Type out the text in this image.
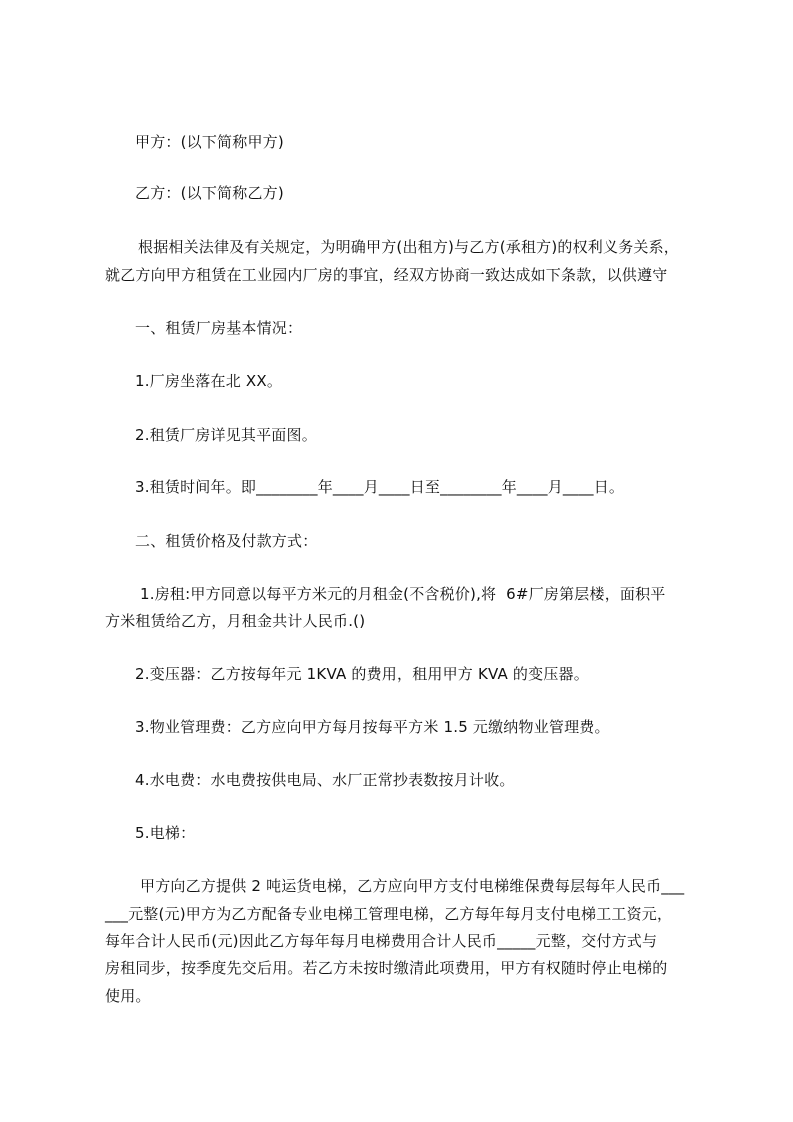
甲方：(以下简称甲方)
乙方：(以下简称乙方)
根据相关法律及有关规定，为明确甲方(出租方)与乙方(承租方)的权利义务关系，
就乙方向甲方租赁在工业园内厂房的事宜，经双方协商一致达成如下条款，以供遵守
一、租赁厂房基本情况：
1.厂房坐落在北 XX。
2.租赁厂房详见其平面图。
3.租赁时间年。即________年____月____日至________年____月____日。
二、租赁价格及付款方式：
1.房租:甲方同意以每平方米元的月租金(不含税价),将  6#厂房第层楼，面积平
方米租赁给乙方，月租金共计人民币.()
2.变压器：乙方按每年元 1KVA 的费用，租用甲方 KVA 的变压器。
3.物业管理费：乙方应向甲方每月按每平方米 1.5 元缴纳物业管理费。
4.水电费：水电费按供电局、水厂正常抄表数按月计收。
5.电梯：
甲方向乙方提供 2 吨运货电梯，乙方应向甲方支付电梯维保费每层每年人民币___
___元整(元)甲方为乙方配备专业电梯工管理电梯，乙方每年每月支付电梯工工资元，
每年合计人民币(元)因此乙方每年每月电梯费用合计人民币_____元整，交付方式与
房租同步，按季度先交后用。若乙方未按时缴清此项费用，甲方有权随时停止电梯的
使用。
